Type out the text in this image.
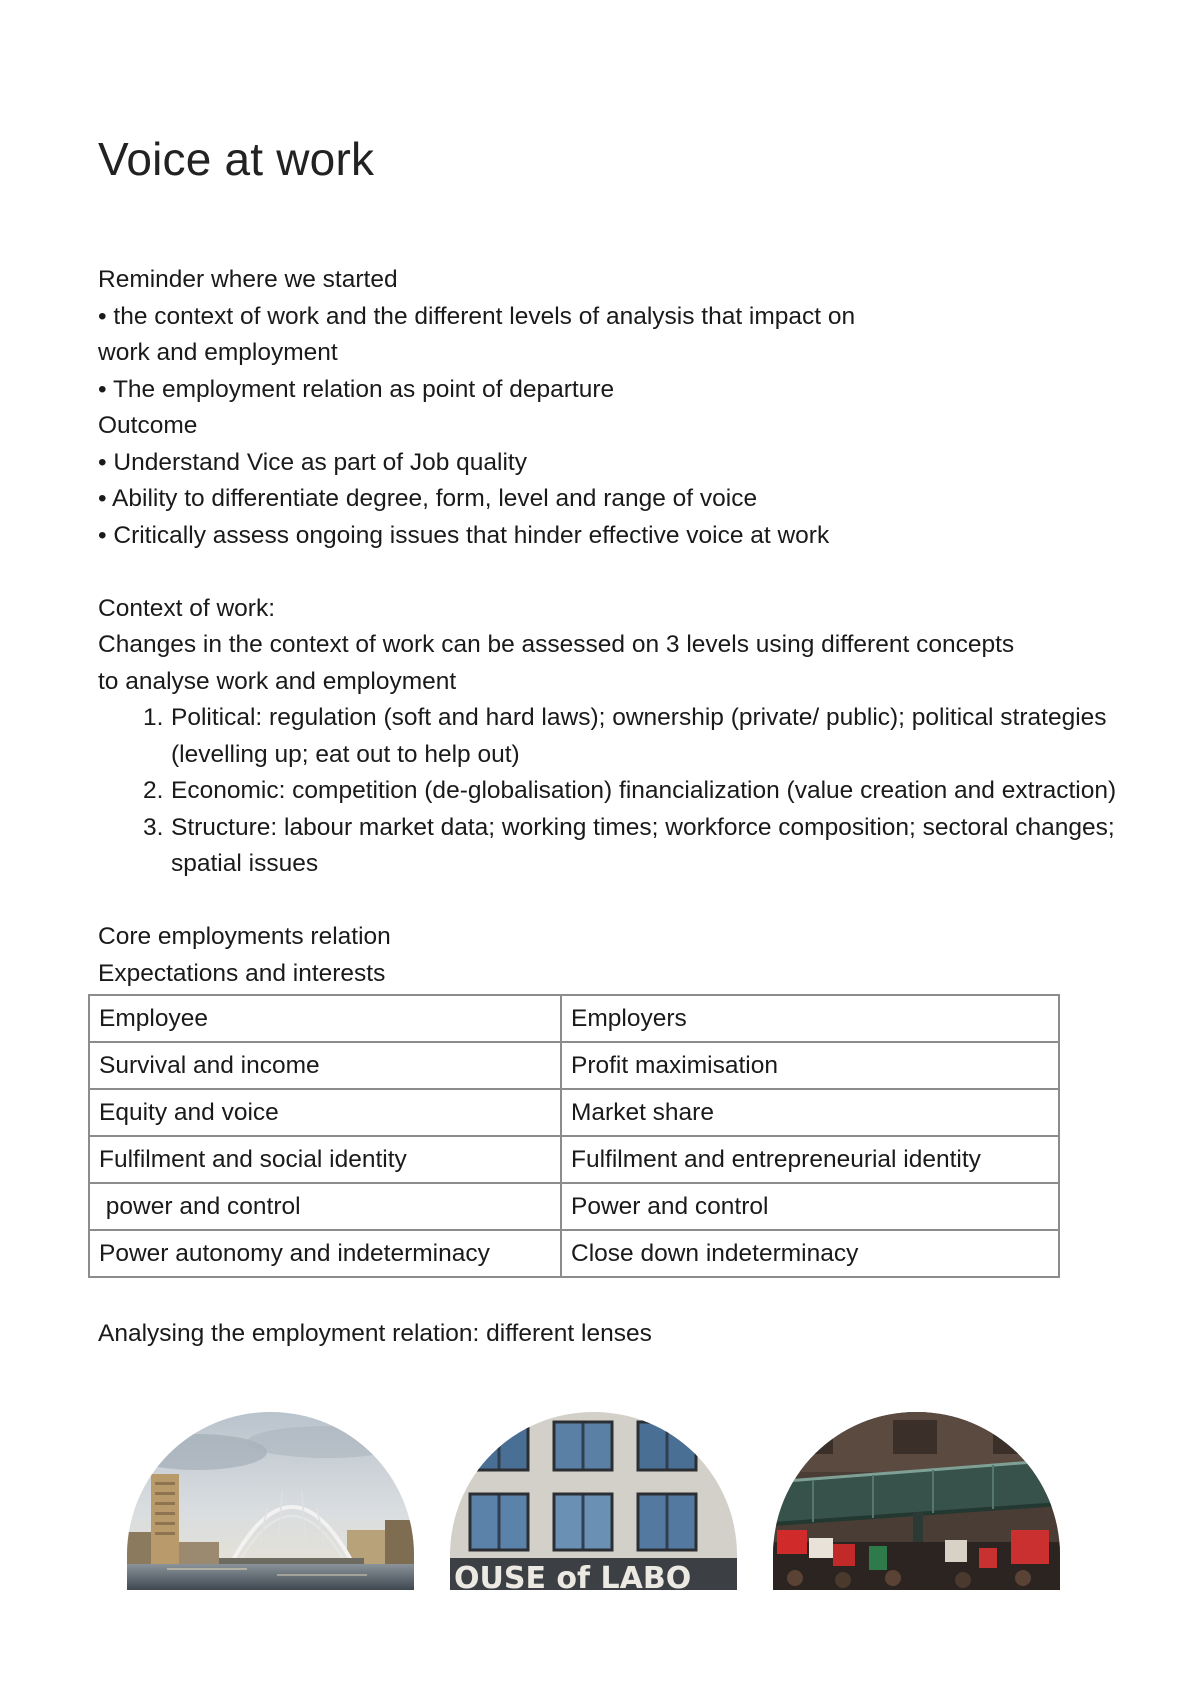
Voice at work
Reminder where we started
• the context of work and the different levels of analysis that impact on
work and employment
• The employment relation as point of departure
Outcome
• Understand Vice as part of Job quality
• Ability to differentiate degree, form, level and range of voice
• Critically assess ongoing issues that hinder effective voice at work
Context of work:
Changes in the context of work can be assessed on 3 levels using different concepts
to analyse work and employment
1. Political: regulation (soft and hard laws); ownership (private/ public); political strategies (levelling up; eat out to help out)
2. Economic: competition (de-globalisation) financialization (value creation and extraction)
3. Structure: labour market data; working times; workforce composition; sectoral changes; spatial issues
Core employments relation
Expectations and interests
Employee	Employers
Survival and income	Profit maximisation
Equity and voice	Market share
Fulfilment and social identity	Fulfilment and entrepreneurial identity
power and control	Power and control
Power autonomy and indeterminacy	Close down indeterminacy
Analysing the employment relation: different lenses
OUSE of LABO
